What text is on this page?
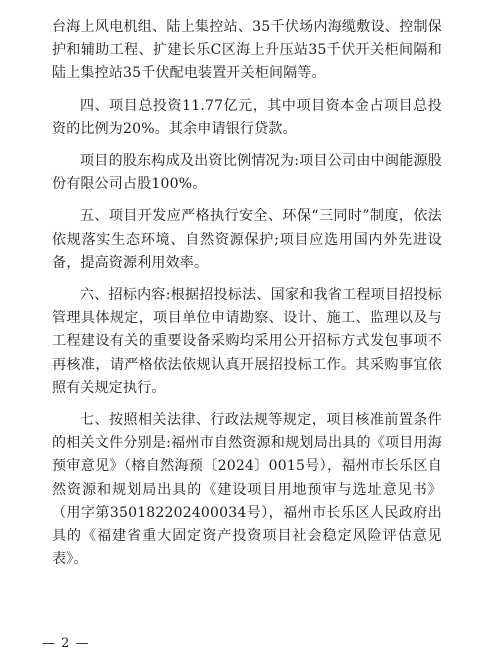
台海上风电机组、陆上集控站、35千伏场内海缆敷设、控制保护和辅助工程、扩建长乐C区海上升压站35千伏开关柜间隔和陆上集控站35千伏配电装置开关柜间隔等。

四、项目总投资11.77亿元，其中项目资本金占项目总投资的比例为20%。其余申请银行贷款。

项目的股东构成及出资比例情况为:项目公司由中闽能源股份有限公司占股100%。

五、项目开发应严格执行安全、环保“三同时”制度，依法依规落实生态环境、自然资源保护;项目应选用国内外先进设备，提高资源利用效率。

六、招标内容:根据招投标法、国家和我省工程项目招投标管理具体规定，项目单位申请勘察、设计、施工、监理以及与工程建设有关的重要设备采购均采用公开招标方式发包事项不再核准，请严格依法依规认真开展招投标工作。其采购事宜依照有关规定执行。

七、按照相关法律、行政法规等规定，项目核准前置条件的相关文件分别是:福州市自然资源和规划局出具的《项目用海预审意见》（榕自然海预〔2024〕0015号），福州市长乐区自然资源和规划局出具的《建设项目用地预审与选址意见书》（用字第350182202400034号），福州市长乐区人民政府出具的《福建省重大固定资产投资项目社会稳定风险评估意见表》。

— 2 —
